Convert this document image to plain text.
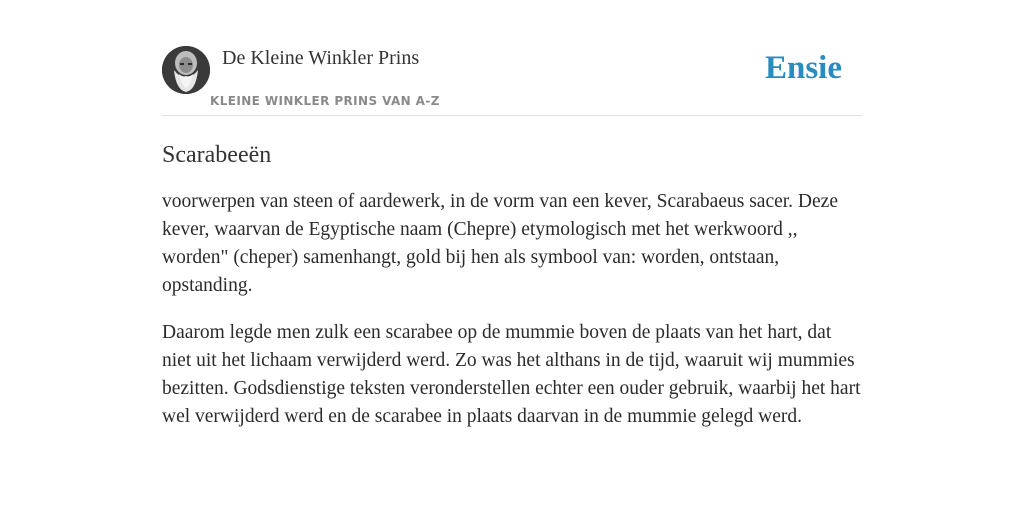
De Kleine Winkler Prins
KLEINE WINKLER PRINS VAN A-Z
Ensie
Scarabeeën

voorwerpen van steen of aardewerk, in de vorm van een kever, Scarabaeus sacer. Deze kever, waarvan de Egyptische naam (Chepre) etymologisch met het werkwoord ,, worden" (cheper) samenhangt, gold bij hen als symbool van: worden, ontstaan, opstanding.

Daarom legde men zulk een scarabee op de mummie boven de plaats van het hart, dat niet uit het lichaam verwijderd werd. Zo was het althans in de tijd, waaruit wij mummies bezitten. Godsdienstige teksten veronderstellen echter een ouder gebruik, waarbij het hart wel verwijderd werd en de scarabee in plaats daarvan in de mummie gelegd werd.
